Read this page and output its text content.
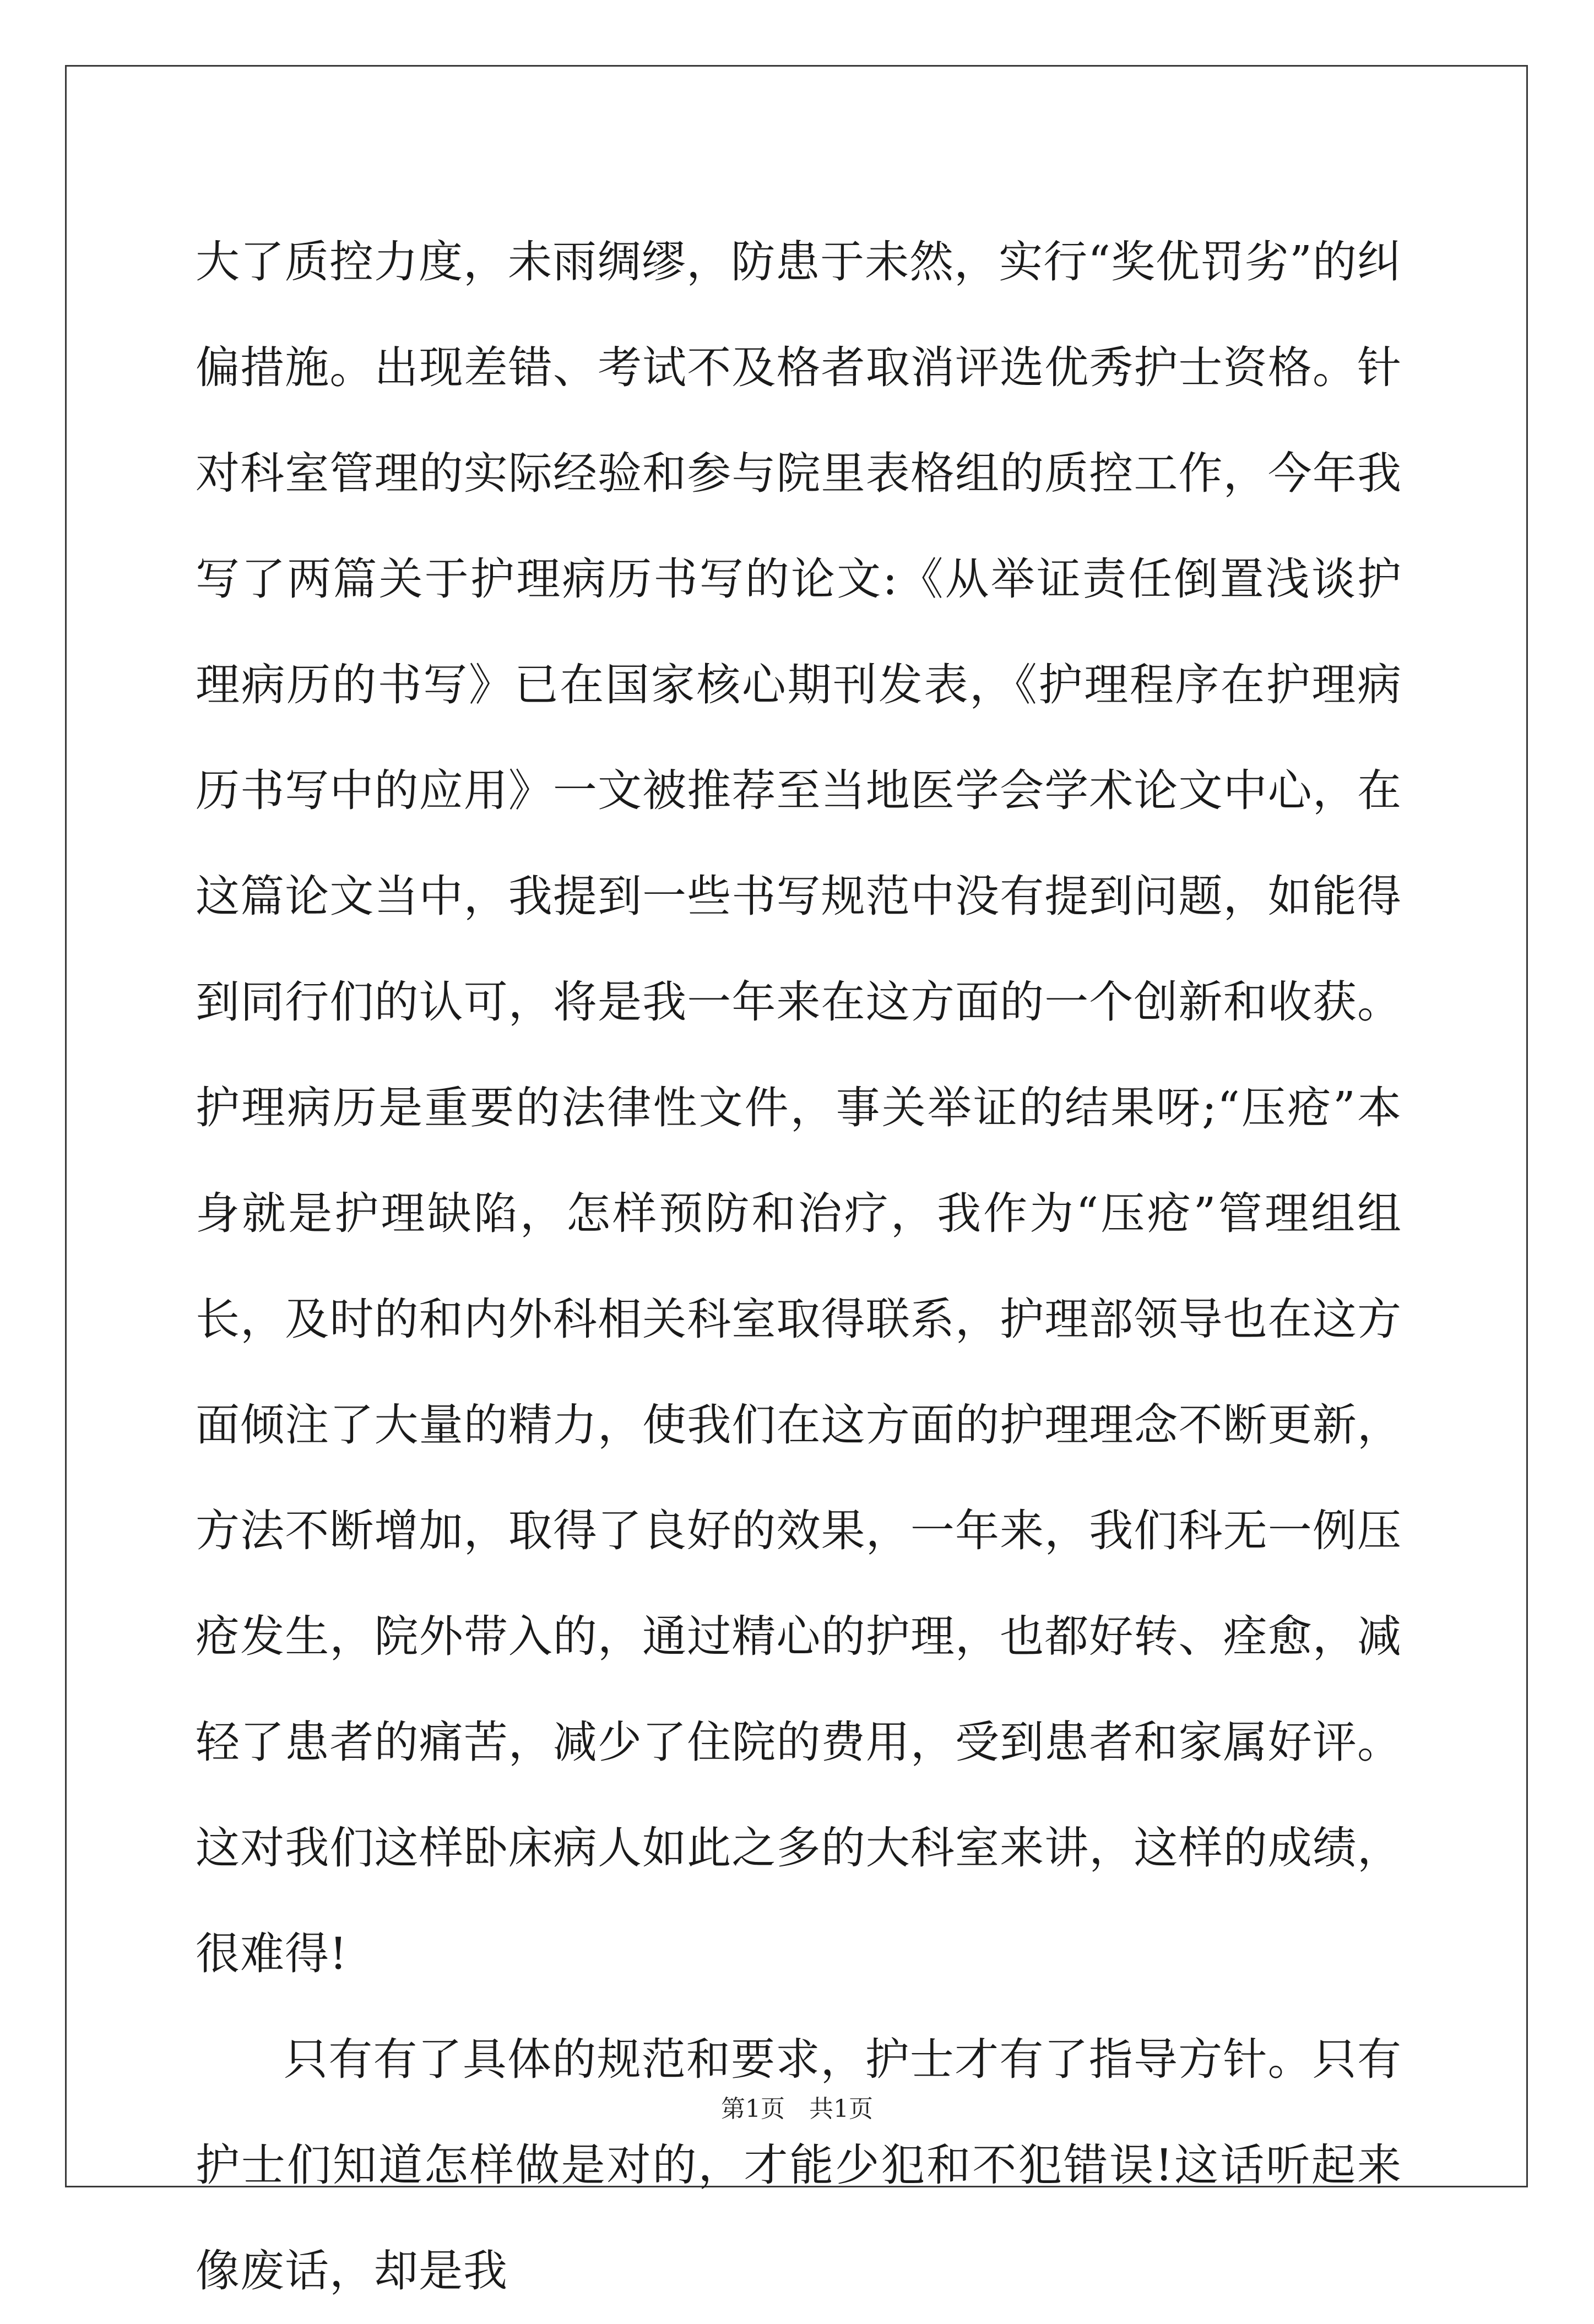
大了质控力度，未雨绸缪，防患于未然，实行“奖优罚劣”的纠偏措施。出现差错、考试不及格者取消评选优秀护士资格。针对科室管理的实际经验和参与院里表格组的质控工作，今年我写了两篇关于护理病历书写的论文:《从举证责任倒置浅谈护理病历的书写》已在国家核心期刊发表，《护理程序在护理病历书写中的应用》一文被推荐至当地医学会学术论文中心，在这篇论文当中，我提到一些书写规范中没有提到问题，如能得到同行们的认可，将是我一年来在这方面的一个创新和收获。护理病历是重要的法律性文件，事关举证的结果呀;“压疮”本身就是护理缺陷，怎样预防和治疗，我作为“压疮”管理组组长，及时的和内外科相关科室取得联系，护理部领导也在这方面倾注了大量的精力，使我们在这方面的护理理念不断更新，方法不断增加，取得了良好的效果，一年来，我们科无一例压疮发生，院外带入的，通过精心的护理，也都好转、痊愈，减轻了患者的痛苦，减少了住院的费用，受到患者和家属好评。这对我们这样卧床病人如此之多的大科室来讲，这样的成绩，很难得!

只有有了具体的规范和要求，护士才有了指导方针。只有护士们知道怎样做是对的，才能少犯和不犯错误!这话听起来像废话，却是我

第1页　共1页
